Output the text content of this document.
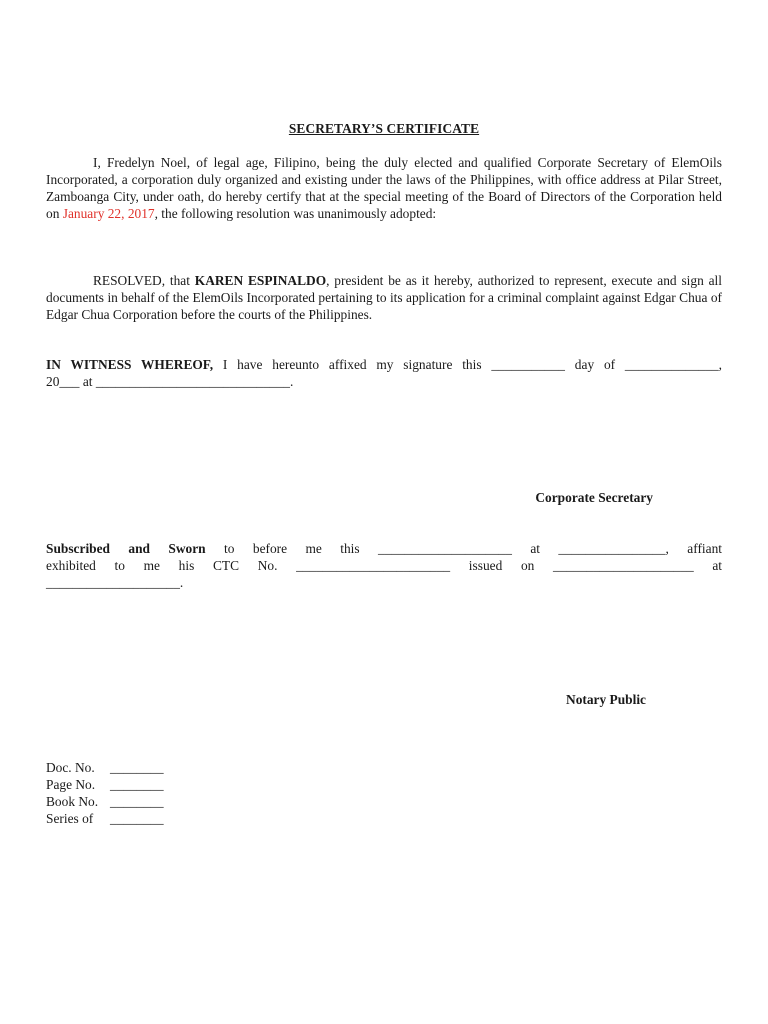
SECRETARY’S CERTIFICATE

I, Fredelyn Noel, of legal age, Filipino, being the duly elected and qualified Corporate Secretary of ElemOils Incorporated, a corporation duly organized and existing under the laws of the Philippines, with office address at Pilar Street, Zamboanga City, under oath, do hereby certify that at the special meeting of the Board of Directors of the Corporation held on January 22, 2017, the following resolution was unanimously adopted:

RESOLVED, that KAREN ESPINALDO, president be as it hereby, authorized to represent, execute and sign all documents in behalf of the ElemOils Incorporated pertaining to its application for a criminal complaint against Edgar Chua of Edgar Chua Corporation before the courts of the Philippines.

IN WITNESS WHEREOF, I have hereunto affixed my signature this ___________ day of ______________,
20___ at _____________________________.
Corporate Secretary
Subscribed and Sworn to before me this ____________________ at ________________, affiant
exhibited to me his CTC No. _______________________ issued on _____________________ at
____________________.
Notary Public
Doc. No.	________
Page No.	________
Book No. ________
Series of	________
